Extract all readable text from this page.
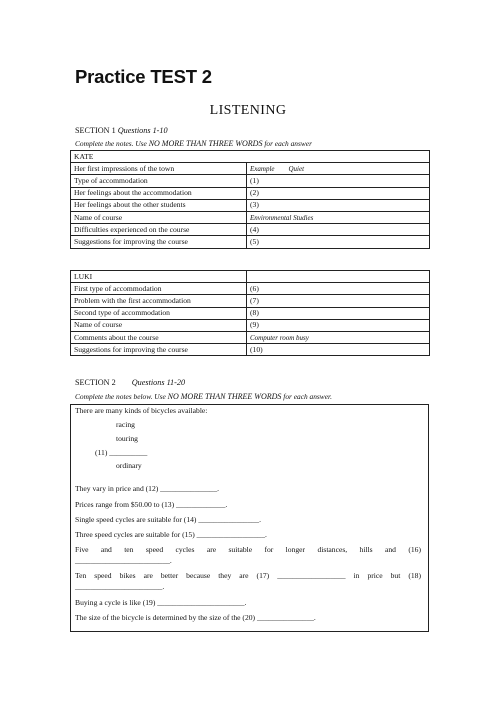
Practice TEST 2
LISTENING
SECTION 1 Questions 1-10
Complete the notes. Use NO MORE THAN THREE WORDS for each answer
KATE	
Her first impressions of the town	Example        Quiet
Type of accommodation	(1)
Her feelings about the accommodation	(2)
Her feelings about the other students	(3)
Name of course	Environmental Studies
Difficulties experienced on the course	(4)
Suggestions for improving the course	(5)
LUKI	
First type of accommodation	(6)
Problem with the first accommodation	(7)
Second type of accommodation	(8)
Name of course	(9)
Comments about the course	Computer room busy
Suggestions for improving the course	(10)
SECTION 2 Questions 11-20
Complete the notes below. Use NO MORE THAN THREE WORDS for each answer.
There are many kinds of bicycles available:
racing
touring
(11) __________
ordinary
They vary in price and (12) _______________.
Prices range from $50.00 to (13) _____________.
Single speed cycles are suitable for (14) ________________.
Three speed cycles are suitable for (15) __________________.
Five and ten speed cycles are suitable for longer distances, hills and (16)
_________________________.
Ten speed bikes are better because they are (17) __________________ in price but (18)
_______________________.
Buying a cycle is like (19) _______________________.
The size of the bicycle is determined by the size of the (20) _______________.
